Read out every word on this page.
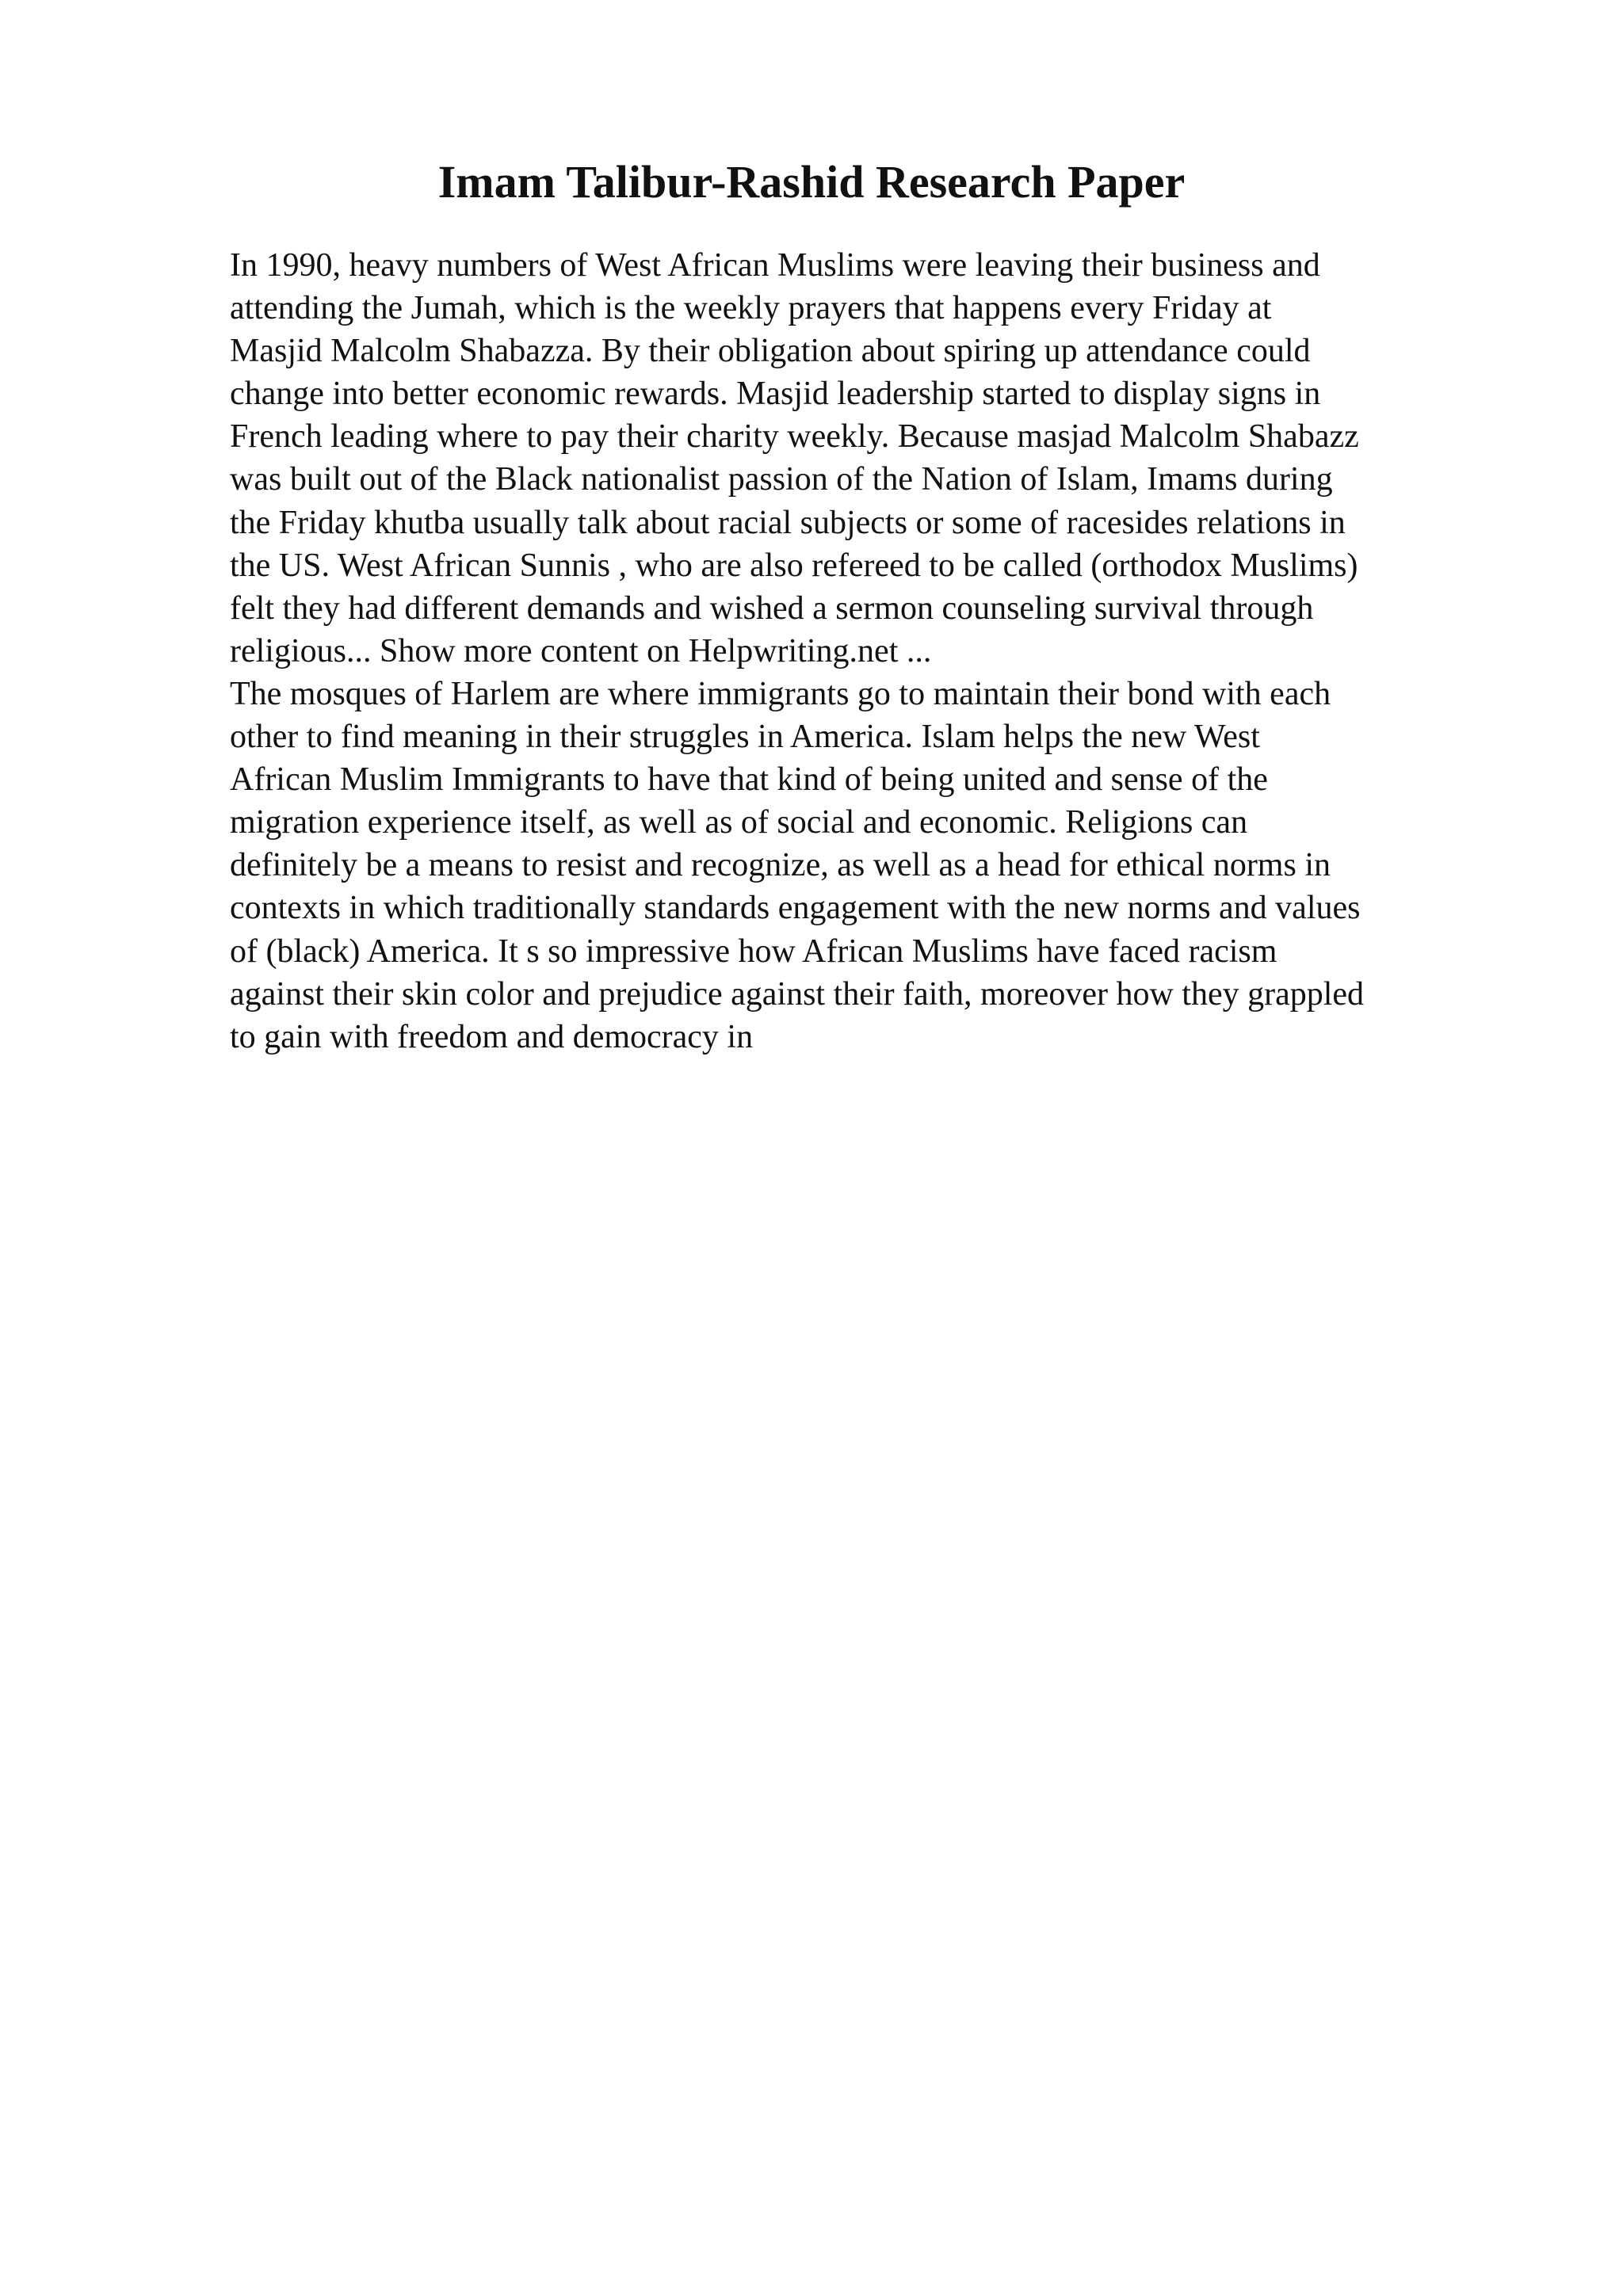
Imam Talibur-Rashid Research Paper
In 1990, heavy numbers of West African Muslims were leaving their business and
attending the Jumah, which is the weekly prayers that happens every Friday at
Masjid Malcolm Shabazza. By their obligation about spiring up attendance could
change into better economic rewards. Masjid leadership started to display signs in
French leading where to pay their charity weekly. Because masjad Malcolm Shabazz
was built out of the Black nationalist passion of the Nation of Islam, Imams during
the Friday khutba usually talk about racial subjects or some of racesides relations in
the US. West African Sunnis , who are also refereed to be called (orthodox Muslims)
felt they had different demands and wished a sermon counseling survival through
religious... Show more content on Helpwriting.net ...
The mosques of Harlem are where immigrants go to maintain their bond with each
other to find meaning in their struggles in America. Islam helps the new West
African Muslim Immigrants to have that kind of being united and sense of the
migration experience itself, as well as of social and economic. Religions can
definitely be a means to resist and recognize, as well as a head for ethical norms in
contexts in which traditionally standards engagement with the new norms and values
of (black) America. It s so impressive how African Muslims have faced racism
against their skin color and prejudice against their faith, moreover how they grappled
to gain with freedom and democracy in
